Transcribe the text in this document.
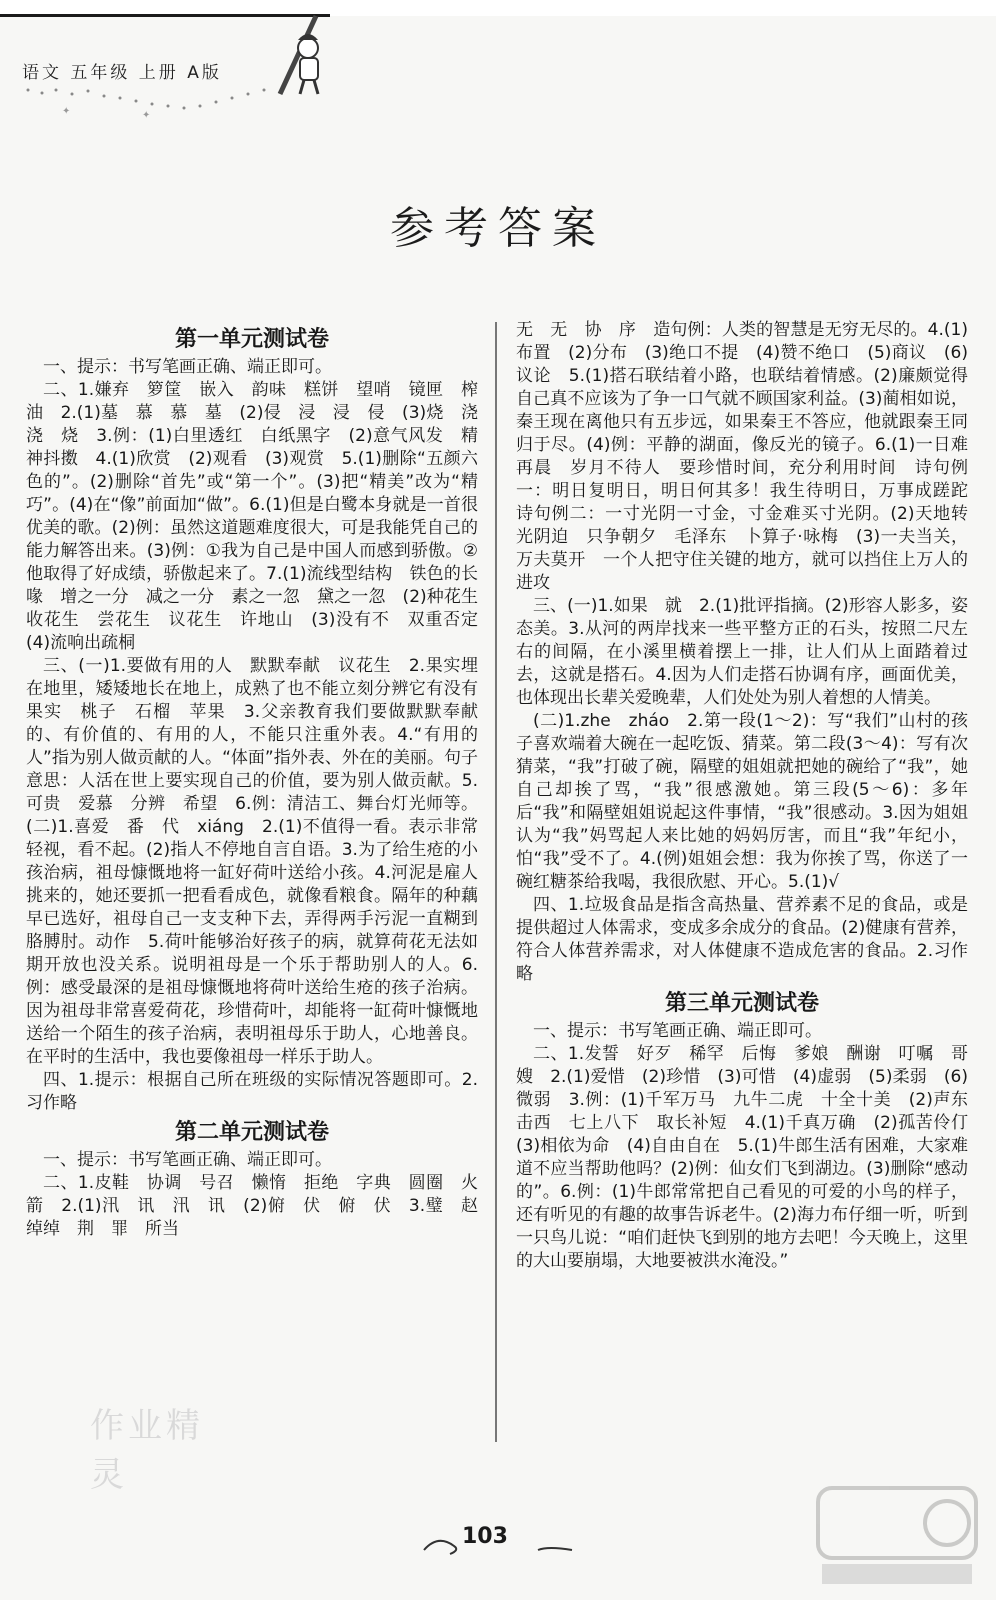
语文 五年级 上册 A版
✦	✦
参考答案
第一单元测试卷

一、提示：书写笔画正确、端正即可。

二、1.嫌弃　箩筐　嵌入　韵味　糕饼　望哨　镜匣　榨油　2.(1)墓　慕　慕　墓　(2)侵　浸　浸　侵　(3)烧　浇　浇　烧　3.例：(1)白里透红　白纸黑字　(2)意气风发　精神抖擞　4.(1)欣赏　(2)观看　(3)观赏　5.(1)删除“五颜六色的”。(2)删除“首先”或“第一个”。(3)把“精美”改为“精巧”。(4)在“像”前面加“做”。6.(1)但是白鹭本身就是一首很优美的歌。(2)例：虽然这道题难度很大，可是我能凭自己的能力解答出来。(3)例：①我为自己是中国人而感到骄傲。②他取得了好成绩，骄傲起来了。7.(1)流线型结构　铁色的长喙　增之一分　减之一分　素之一忽　黛之一忽　(2)种花生　收花生　尝花生　议花生　许地山　(3)没有不　双重否定　(4)流响出疏桐

三、(一)1.要做有用的人　默默奉献　议花生　2.果实埋在地里，矮矮地长在地上，成熟了也不能立刻分辨它有没有果实　桃子　石榴　苹果　3.父亲教育我们要做默默奉献的、有价值的、有用的人，不能只注重外表。4.“有用的人”指为别人做贡献的人。“体面”指外表、外在的美丽。句子意思：人活在世上要实现自己的价值，要为别人做贡献。5.可贵　爱慕　分辨　希望　6.例：清洁工、舞台灯光师等。(二)1.喜爱　番　代　xiáng　2.(1)不值得一看。表示非常轻视，看不起。(2)指人不停地自言自语。3.为了给生疮的小孩治病，祖母慷慨地将一缸好荷叶送给小孩。4.河泥是雇人挑来的，她还要抓一把看看成色，就像看粮食。隔年的种藕早已选好，祖母自己一支支种下去，弄得两手污泥一直糊到胳膊肘。动作　5.荷叶能够治好孩子的病，就算荷花无法如期开放也没关系。说明祖母是一个乐于帮助别人的人。6.例：感受最深的是祖母慷慨地将荷叶送给生疮的孩子治病。因为祖母非常喜爱荷花，珍惜荷叶，却能将一缸荷叶慷慨地送给一个陌生的孩子治病，表明祖母乐于助人，心地善良。在平时的生活中，我也要像祖母一样乐于助人。

四、1.提示：根据自己所在班级的实际情况答题即可。2.习作略

第二单元测试卷

一、提示：书写笔画正确、端正即可。

二、1.皮鞋　协调　号召　懒惰　拒绝　字典　圆圈　火箭　2.(1)汛　讯　汛　讯　(2)俯　伏　俯　伏　3.璧　赵　绰绰　荆　罪　所当

无　无　协　序　造句例：人类的智慧是无穷无尽的。4.(1)布置　(2)分布　(3)绝口不提　(4)赞不绝口　(5)商议　(6)议论　5.(1)搭石联结着小路，也联结着情感。(2)廉颇觉得自己真不应该为了争一口气就不顾国家利益。(3)蔺相如说，秦王现在离他只有五步远，如果秦王不答应，他就跟秦王同归于尽。(4)例：平静的湖面，像反光的镜子。6.(1)一日难再晨　岁月不待人　要珍惜时间，充分利用时间　诗句例一：明日复明日，明日何其多！我生待明日，万事成蹉跎　诗句例二：一寸光阴一寸金，寸金难买寸光阴。(2)天地转　光阴迫　只争朝夕　毛泽东　卜算子·咏梅　(3)一夫当关，万夫莫开　一个人把守住关键的地方，就可以挡住上万人的进攻

三、(一)1.如果　就　2.(1)批评指摘。(2)形容人影多，姿态美。3.从河的两岸找来一些平整方正的石头，按照二尺左右的间隔，在小溪里横着摆上一排，让人们从上面踏着过去，这就是搭石。4.因为人们走搭石协调有序，画面优美，也体现出长辈关爱晚辈，人们处处为别人着想的人情美。

(二)1.zhe　zháo　2.第一段(1～2)：写“我们”山村的孩子喜欢端着大碗在一起吃饭、猜菜。第二段(3～4)：写有次猜菜，“我”打破了碗，隔壁的姐姐就把她的碗给了“我”，她自己却挨了骂，“我”很感激她。第三段(5～6)：多年后“我”和隔壁姐姐说起这件事情，“我”很感动。3.因为姐姐认为“我”妈骂起人来比她的妈妈厉害，而且“我”年纪小，怕“我”受不了。4.(例)姐姐会想：我为你挨了骂，你送了一碗红糖茶给我喝，我很欣慰、开心。5.(1)√

四、1.垃圾食品是指含高热量、营养素不足的食品，或是提供超过人体需求，变成多余成分的食品。(2)健康有营养，符合人体营养需求，对人体健康不造成危害的食品。2.习作略

第三单元测试卷

一、提示：书写笔画正确、端正即可。

二、1.发誓　好歹　稀罕　后悔　爹娘　酬谢　叮嘱　哥嫂　2.(1)爱惜　(2)珍惜　(3)可惜　(4)虚弱　(5)柔弱　(6)微弱　3.例：(1)千军万马　九牛二虎　十全十美　(2)声东击西　七上八下　取长补短　4.(1)千真万确　(2)孤苦伶仃　(3)相依为命　(4)自由自在　5.(1)牛郎生活有困难，大家难道不应当帮助他吗？(2)例：仙女们飞到湖边。(3)删除“感动的”。6.例：(1)牛郎常常把自己看见的可爱的小鸟的样子，还有听见的有趣的故事告诉老牛。(2)海力布仔细一听，听到一只鸟儿说：“咱们赶快飞到别的地方去吧！今天晚上，这里的大山要崩塌，大地要被洪水淹没。”

作业精灵
103
